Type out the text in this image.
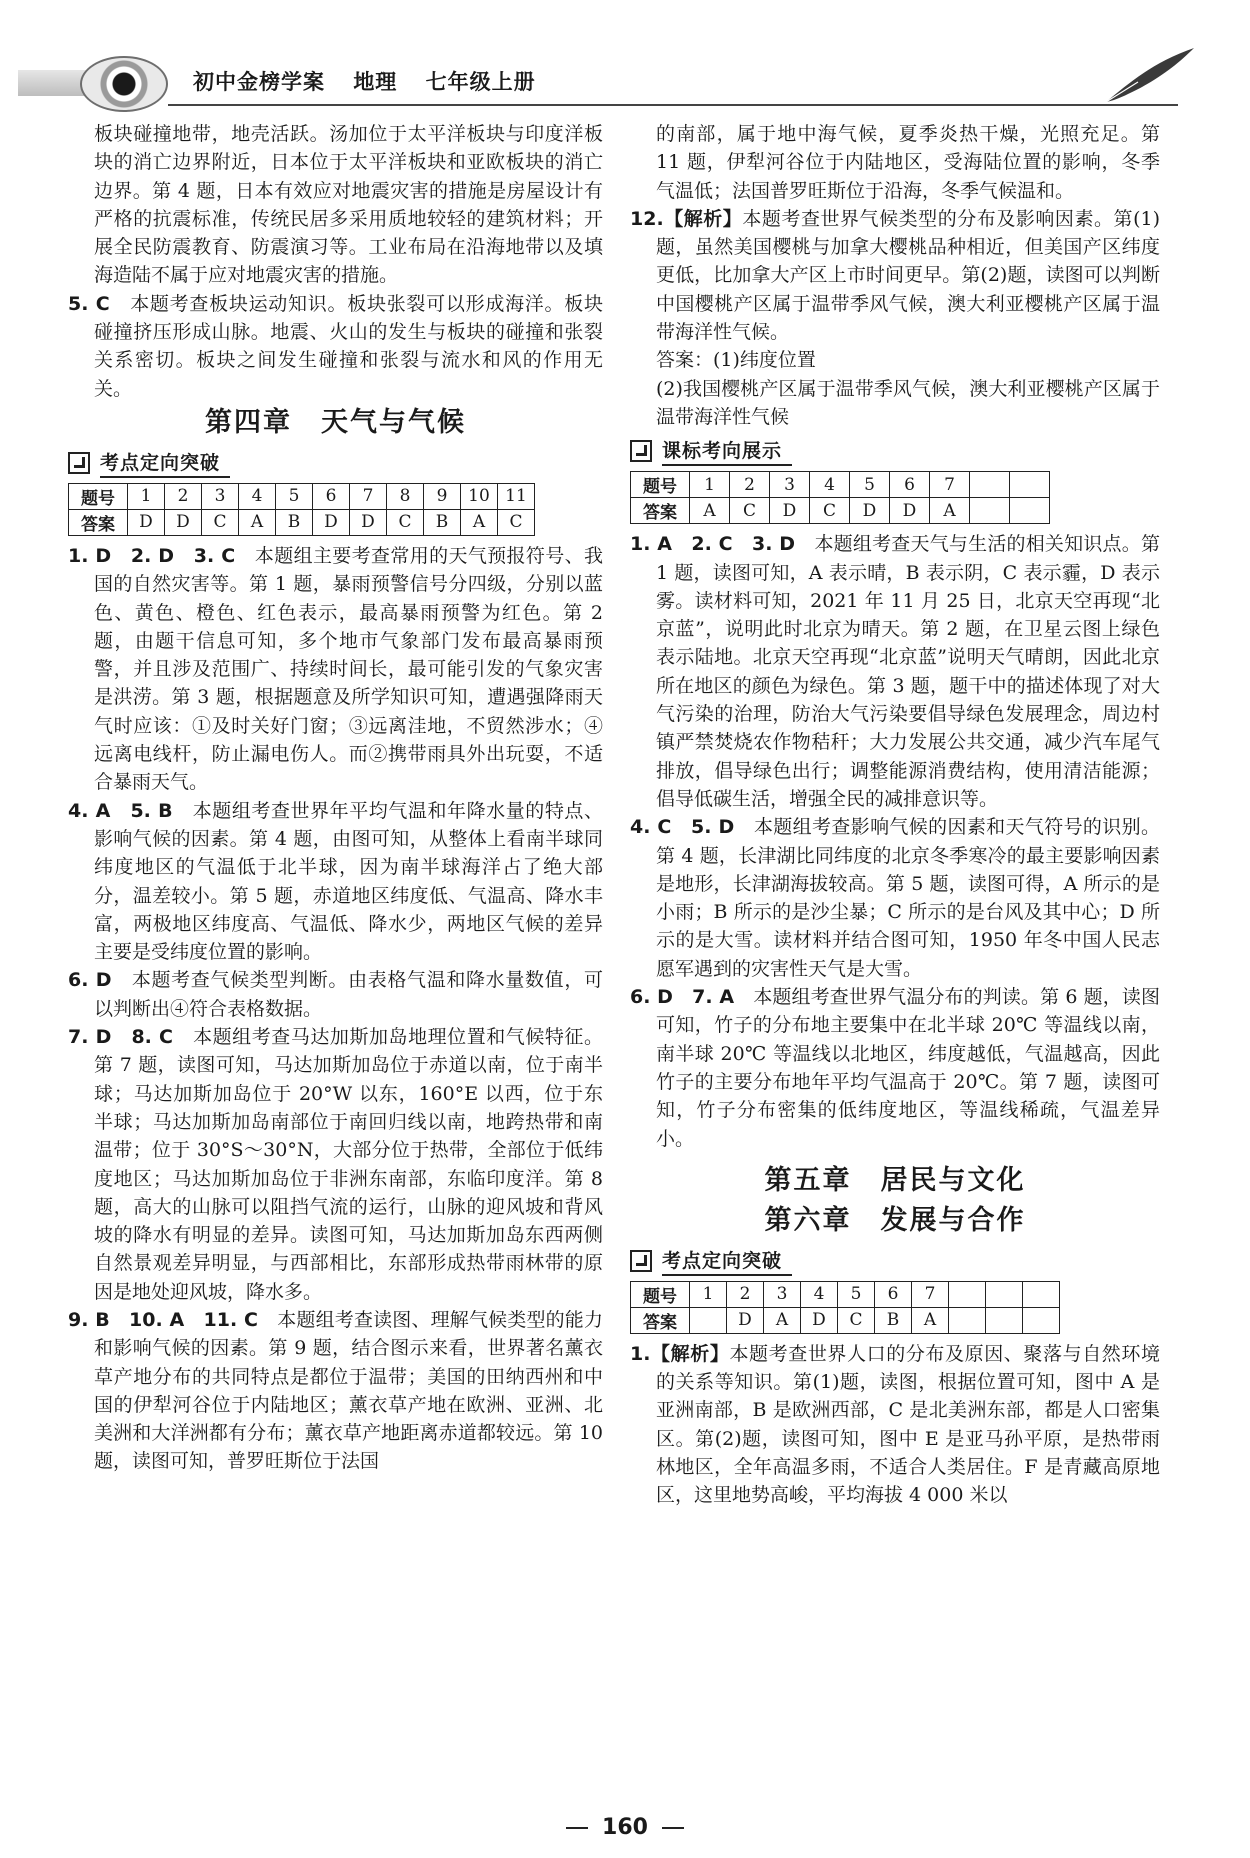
初中金榜学案 地理 七年级上册

板块碰撞地带，地壳活跃。汤加位于太平洋板块与印度洋板块的消亡边界附近，日本位于太平洋板块和亚欧板块的消亡边界。第 4 题，日本有效应对地震灾害的措施是房屋设计有严格的抗震标准，传统民居多采用质地较轻的建筑材料；开展全民防震教育、防震演习等。工业布局在沿海地带以及填海造陆不属于应对地震灾害的措施。

5. C　 本题考查板块运动知识。板块张裂可以形成海洋。板块碰撞挤压形成山脉。地震、火山的发生与板块的碰撞和张裂关系密切。板块之间发生碰撞和张裂与流水和风的作用无关。

第四章　天气与气候
考点定向突破
题号	1	2	3	4	5	6	7	8	9	10	11
答案	D	D	C	A	B	D	D	C	B	A	C

1. D　2. D　3. C　 本题组主要考查常用的天气预报符号、我国的自然灾害等。第 1 题，暴雨预警信号分四级，分别以蓝色、黄色、橙色、红色表示，最高暴雨预警为红色。第 2 题，由题干信息可知，多个地市气象部门发布最高暴雨预警，并且涉及范围广、持续时间长，最可能引发的气象灾害是洪涝。第 3 题，根据题意及所学知识可知，遭遇强降雨天气时应该：①及时关好门窗；③远离洼地，不贸然涉水；④远离电线杆，防止漏电伤人。而②携带雨具外出玩耍，不适合暴雨天气。

4. A　5. B　 本题组考查世界年平均气温和年降水量的特点、影响气候的因素。第 4 题，由图可知，从整体上看南半球同纬度地区的气温低于北半球，因为南半球海洋占了绝大部分，温差较小。第 5 题，赤道地区纬度低、气温高、降水丰富，两极地区纬度高、气温低、降水少，两地区气候的差异主要是受纬度位置的影响。

6. D　 本题考查气候类型判断。由表格气温和降水量数值，可以判断出④符合表格数据。

7. D　8. C　 本题组考查马达加斯加岛地理位置和气候特征。第 7 题，读图可知，马达加斯加岛位于赤道以南，位于南半球；马达加斯加岛位于 20°W 以东，160°E 以西，位于东半球；马达加斯加岛南部位于南回归线以南，地跨热带和南温带；位于 30°S～30°N，大部分位于热带，全部位于低纬度地区；马达加斯加岛位于非洲东南部，东临印度洋。第 8 题，高大的山脉可以阻挡气流的运行，山脉的迎风坡和背风坡的降水有明显的差异。读图可知，马达加斯加岛东西两侧自然景观差异明显，与西部相比，东部形成热带雨林带的原因是地处迎风坡，降水多。

9. B　10. A　11. C　 本题组考查读图、理解气候类型的能力和影响气候的因素。第 9 题，结合图示来看，世界著名薰衣草产地分布的共同特点是都位于温带；美国的田纳西州和中国的伊犁河谷位于内陆地区；薰衣草产地在欧洲、亚洲、北美洲和大洋洲都有分布；薰衣草产地距离赤道都较远。第 10 题，读图可知，普罗旺斯位于法国

的南部，属于地中海气候，夏季炎热干燥，光照充足。第 11 题，伊犁河谷位于内陆地区，受海陆位置的影响，冬季气温低；法国普罗旺斯位于沿海，冬季气候温和。

12.【解析】本题考查世界气候类型的分布及影响因素。第(1)题，虽然美国樱桃与加拿大樱桃品种相近，但美国产区纬度更低，比加拿大产区上市时间更早。第(2)题，读图可以判断中国樱桃产区属于温带季风气候，澳大利亚樱桃产区属于温带海洋性气候。

答案：(1)纬度位置

(2)我国樱桃产区属于温带季风气候，澳大利亚樱桃产区属于温带海洋性气候

课标考向展示
题号	1	2	3	4	5	6	7		
答案	A	C	D	C	D	D	A		

1. A　2. C　3. D　 本题组考查天气与生活的相关知识点。第 1 题，读图可知，A 表示晴，B 表示阴，C 表示霾，D 表示雾。读材料可知，2021 年 11 月 25 日，北京天空再现“北京蓝”，说明此时北京为晴天。第 2 题，在卫星云图上绿色表示陆地。北京天空再现“北京蓝”说明天气晴朗，因此北京所在地区的颜色为绿色。第 3 题，题干中的描述体现了对大气污染的治理，防治大气污染要倡导绿色发展理念，周边村镇严禁焚烧农作物秸秆；大力发展公共交通，减少汽车尾气排放，倡导绿色出行；调整能源消费结构，使用清洁能源；倡导低碳生活，增强全民的减排意识等。

4. C　5. D　 本题组考查影响气候的因素和天气符号的识别。第 4 题，长津湖比同纬度的北京冬季寒冷的最主要影响因素是地形，长津湖海拔较高。第 5 题，读图可得，A 所示的是小雨；B 所示的是沙尘暴；C 所示的是台风及其中心；D 所示的是大雪。读材料并结合图可知，1950 年冬中国人民志愿军遇到的灾害性天气是大雪。

6. D　7. A　 本题组考查世界气温分布的判读。第 6 题，读图可知，竹子的分布地主要集中在北半球 20℃ 等温线以南，南半球 20℃ 等温线以北地区，纬度越低，气温越高，因此竹子的主要分布地年平均气温高于 20℃。第 7 题，读图可知，竹子分布密集的低纬度地区，等温线稀疏，气温差异小。

第五章　居民与文化
第六章　发展与合作
考点定向突破
题号	1	2	3	4	5	6	7			
答案		D	A	D	C	B	A			

1.【解析】本题考查世界人口的分布及原因、聚落与自然环境的关系等知识。第(1)题，读图，根据位置可知，图中 A 是亚洲南部，B 是欧洲西部，C 是北美洲东部，都是人口密集区。第(2)题，读图可知，图中 E 是亚马孙平原，是热带雨林地区，全年高温多雨，不适合人类居住。F 是青藏高原地区，这里地势高峻，平均海拔 4 000 米以

160
